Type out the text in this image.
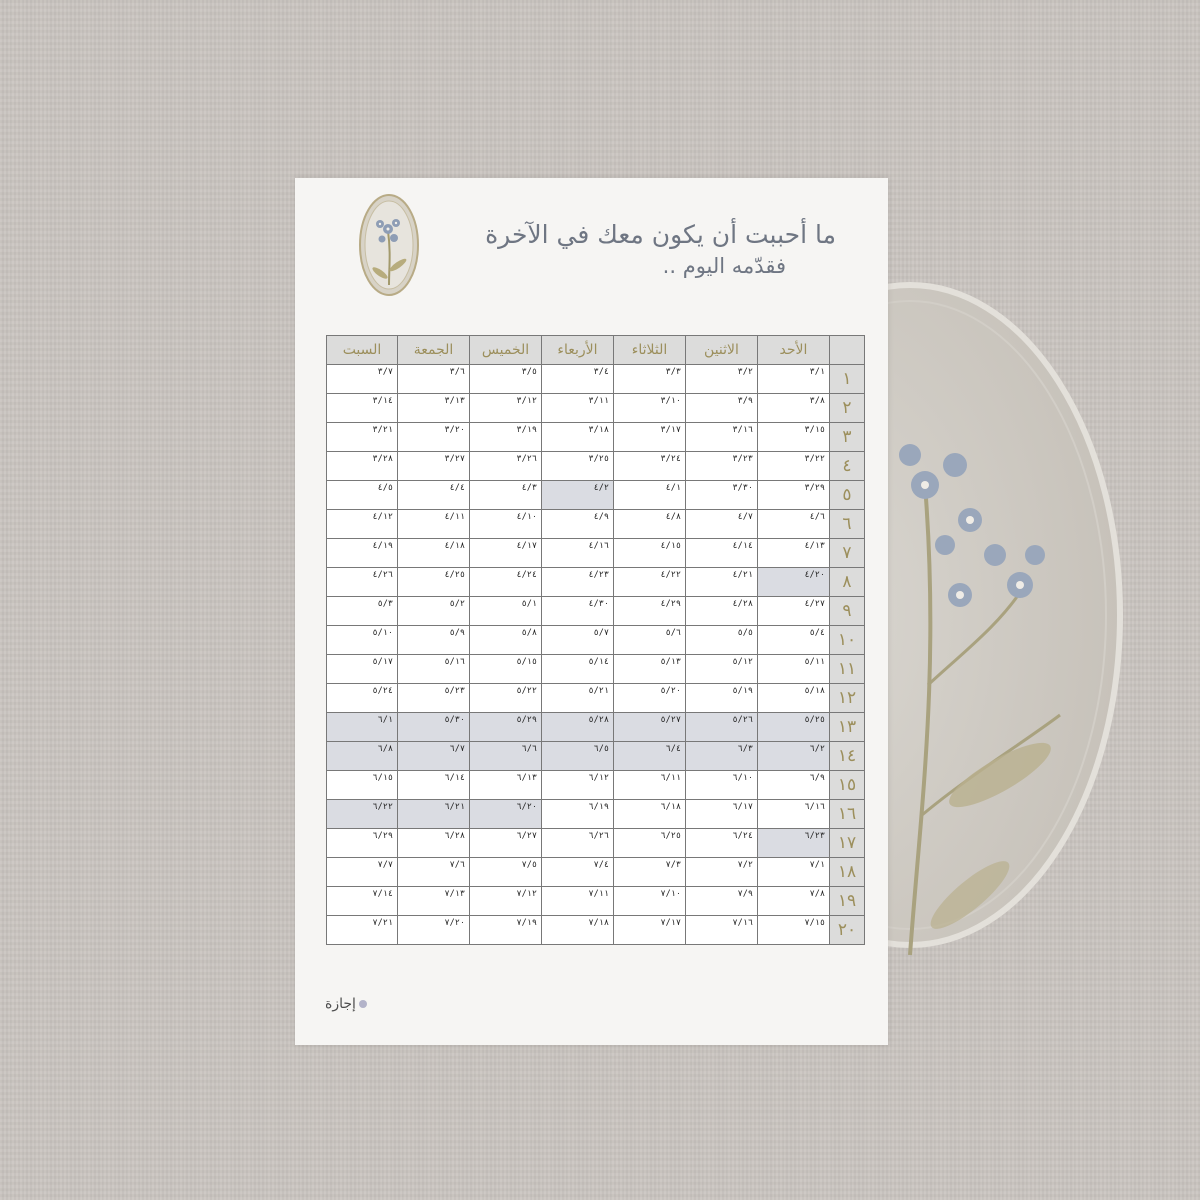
ما أحببت أن يكون معك في الآخرة
فقدّمه اليوم ..
	الأحد	الاثنين	الثلاثاء	الأربعاء	الخميس	الجمعة	السبت
١	٣/١	٣/٢	٣/٣	٣/٤	٣/٥	٣/٦	٣/٧
٢	٣/٨	٣/٩	٣/١٠	٣/١١	٣/١٢	٣/١٣	٣/١٤
٣	٣/١٥	٣/١٦	٣/١٧	٣/١٨	٣/١٩	٣/٢٠	٣/٢١
٤	٣/٢٢	٣/٢٣	٣/٢٤	٣/٢٥	٣/٢٦	٣/٢٧	٣/٢٨
٥	٣/٢٩	٣/٣٠	٤/١	٤/٢	٤/٣	٤/٤	٤/٥
٦	٤/٦	٤/٧	٤/٨	٤/٩	٤/١٠	٤/١١	٤/١٢
٧	٤/١٣	٤/١٤	٤/١٥	٤/١٦	٤/١٧	٤/١٨	٤/١٩
٨	٤/٢٠	٤/٢١	٤/٢٢	٤/٢٣	٤/٢٤	٤/٢٥	٤/٢٦
٩	٤/٢٧	٤/٢٨	٤/٢٩	٤/٣٠	٥/١	٥/٢	٥/٣
١٠	٥/٤	٥/٥	٥/٦	٥/٧	٥/٨	٥/٩	٥/١٠
١١	٥/١١	٥/١٢	٥/١٣	٥/١٤	٥/١٥	٥/١٦	٥/١٧
١٢	٥/١٨	٥/١٩	٥/٢٠	٥/٢١	٥/٢٢	٥/٢٣	٥/٢٤
١٣	٥/٢٥	٥/٢٦	٥/٢٧	٥/٢٨	٥/٢٩	٥/٣٠	٦/١
١٤	٦/٢	٦/٣	٦/٤	٦/٥	٦/٦	٦/٧	٦/٨
١٥	٦/٩	٦/١٠	٦/١١	٦/١٢	٦/١٣	٦/١٤	٦/١٥
١٦	٦/١٦	٦/١٧	٦/١٨	٦/١٩	٦/٢٠	٦/٢١	٦/٢٢
١٧	٦/٢٣	٦/٢٤	٦/٢٥	٦/٢٦	٦/٢٧	٦/٢٨	٦/٢٩
١٨	٧/١	٧/٢	٧/٣	٧/٤	٧/٥	٧/٦	٧/٧
١٩	٧/٨	٧/٩	٧/١٠	٧/١١	٧/١٢	٧/١٣	٧/١٤
٢٠	٧/١٥	٧/١٦	٧/١٧	٧/١٨	٧/١٩	٧/٢٠	٧/٢١
إجازة
